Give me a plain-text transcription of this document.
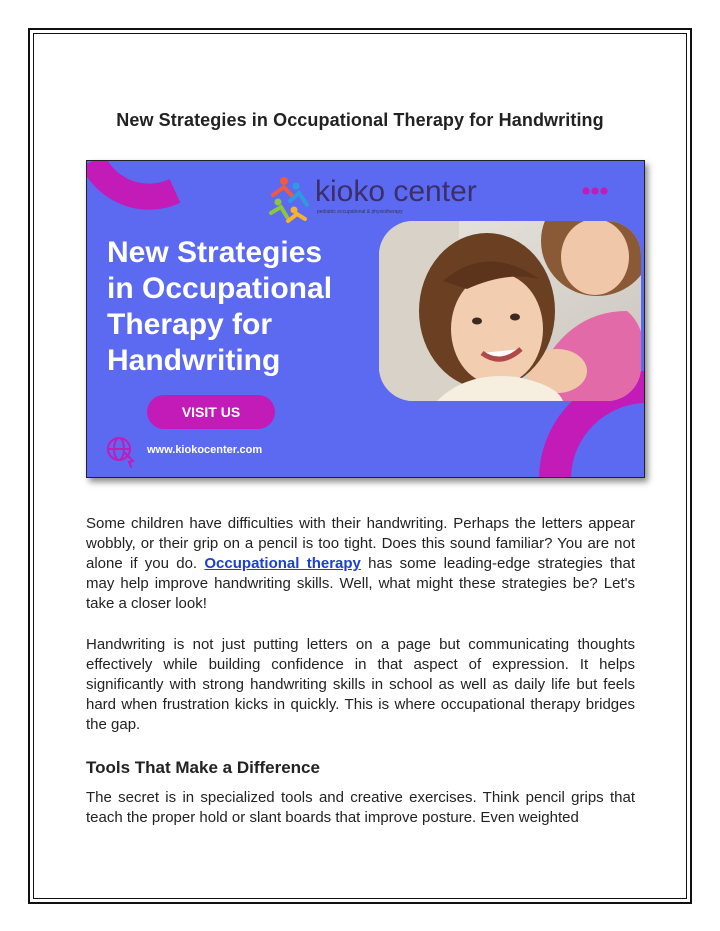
New Strategies in Occupational Therapy for Handwriting
kioko center
pediatric occupational & physiotherapy
New Strategies
in Occupational
Therapy for
Handwriting
VISIT US
www.kiokocenter.com
Some children have difficulties with their handwriting. Perhaps the letters appear wobbly, or their grip on a pencil is too tight. Does this sound familiar? You are not alone if you do. Occupational therapy has some leading-edge strategies that may help improve handwriting skills. Well, what might these strategies be? Let's take a closer look!
Handwriting is not just putting letters on a page but communicating thoughts effectively while building confidence in that aspect of expression. It helps significantly with strong handwriting skills in school as well as daily life but feels hard when frustration kicks in quickly. This is where occupational therapy bridges the gap.
Tools That Make a Difference
The secret is in specialized tools and creative exercises. Think pencil grips that teach the proper hold or slant boards that improve posture. Even weighted
